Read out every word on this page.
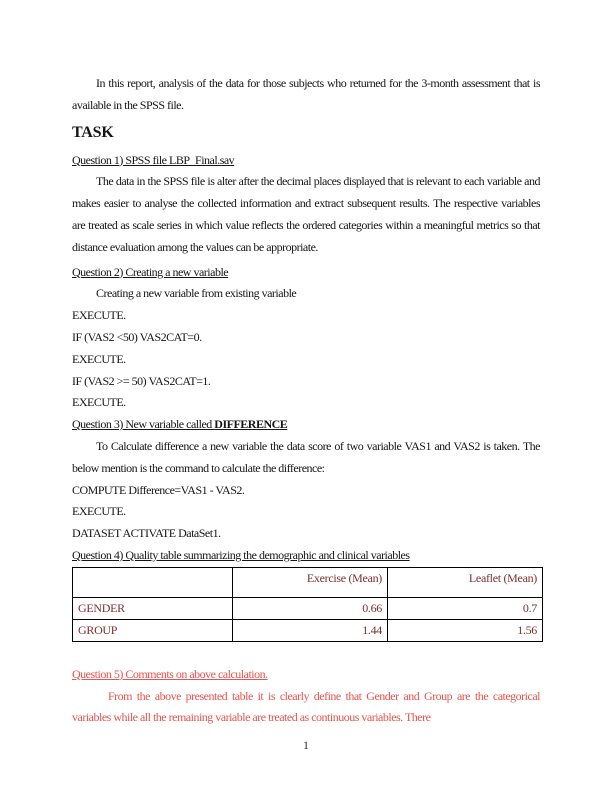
In this report, analysis of the data for those subjects who returned for the 3-month assessment that is available in the SPSS file.

TASK

Question 1) SPSS file LBP_Final.sav

The data in the SPSS file is alter after the decimal places displayed that is relevant to each variable and makes easier to analyse the collected information and extract subsequent results. The respective variables are treated as scale series in which value reflects the ordered categories within a meaningful metrics so that distance evaluation among the values can be appropriate.

Question 2) Creating a new variable

Creating a new variable from existing variable

EXECUTE.

IF (VAS2 <50) VAS2CAT=0.

EXECUTE.

IF (VAS2 >= 50) VAS2CAT=1.

EXECUTE.

Question 3) New variable called DIFFERENCE

To Calculate difference a new variable the data score of two variable VAS1 and VAS2 is taken. The below mention is the command to calculate the difference:

COMPUTE Difference=VAS1 - VAS2.

EXECUTE.

DATASET ACTIVATE DataSet1.

Question 4) Quality table summarizing the demographic and clinical variables

	Exercise (Mean)	Leaflet (Mean)
GENDER	0.66	0.7
GROUP	1.44	1.56

Question 5) Comments on above calculation.

From the above presented table it is clearly define that Gender and Group are the categorical variables while all the remaining variable are treated as continuous variables. There

1
